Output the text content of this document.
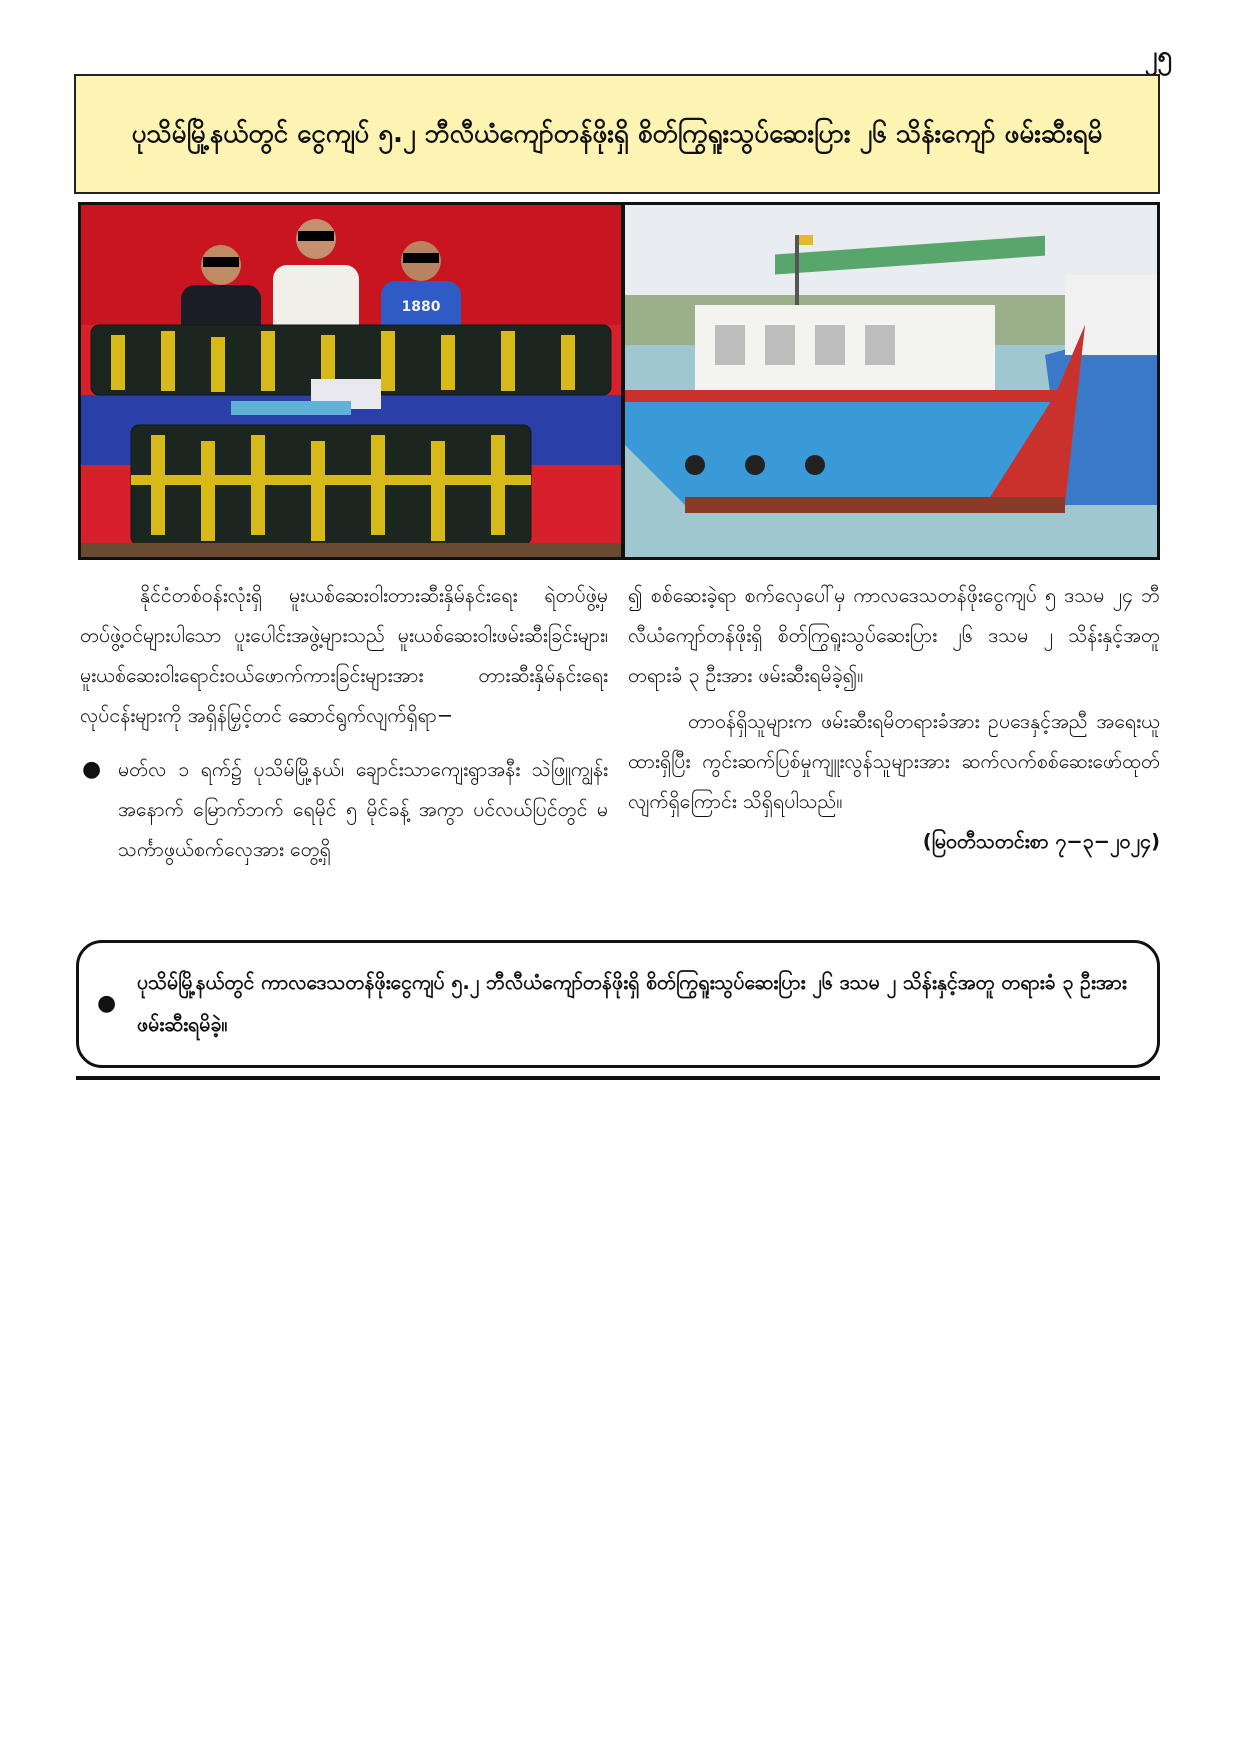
၂၅
ပုသိမ်မြို့နယ်တွင် ငွေကျပ် ၅.၂ ဘီလီယံကျော်တန်ဖိုးရှိ စိတ်ကြွရူးသွပ်ဆေးပြား ၂၆ သိန်းကျော် ဖမ်းဆီးရမိ
1880

နိုင်ငံတစ်ဝန်းလုံးရှိ မူးယစ်ဆေးဝါးတားဆီးနှိမ်နင်းရေး ရဲတပ်ဖွဲ့မှ တပ်ဖွဲ့ဝင်များပါသော ပူးပေါင်းအဖွဲ့များသည် မူးယစ်ဆေးဝါးဖမ်းဆီးခြင်းများ၊ မူးယစ်ဆေးဝါးရောင်းဝယ်ဖောက်ကားခြင်းများအား တားဆီးနှိမ်နင်းရေးလုပ်ငန်းများကို အရှိန်မြှင့်တင် ဆောင်ရွက်လျက်ရှိရာ−

● မတ်လ ၁ ရက်၌ ပုသိမ်မြို့နယ်၊ ချောင်းသာကျေးရွာအနီး သဲဖြူကျွန်းအနောက် မြောက်ဘက် ရေမိုင် ၅ မိုင်ခန့် အကွာ ပင်လယ်ပြင်တွင် မသင်္ကာဖွယ်စက်လှေအား တွေ့ရှိ

၍ စစ်ဆေးခဲ့ရာ စက်လှေပေါ်မှ ကာလဒေသတန်ဖိုးငွေကျပ် ၅ ဒသမ ၂၄ ဘီလီယံကျော်တန်ဖိုးရှိ စိတ်ကြွရူးသွပ်ဆေးပြား ၂၆ ဒသမ ၂ သိန်းနှင့်အတူ တရားခံ ၃ ဦးအား ဖမ်းဆီးရမိခဲ့၍။

တာဝန်ရှိသူများက ဖမ်းဆီးရမိတရားခံအား ဥပဒေနှင့်အညီ အရေးယူထားရှိပြီး ကွင်းဆက်ပြစ်မှုကျူးလွန်သူများအား ဆက်လက်စစ်ဆေးဖော်ထုတ်လျက်ရှိကြောင်း သိရှိရပါသည်။

(မြဝတီသတင်းစာ ၇−၃−၂၀၂၄)

●
ပုသိမ်မြို့နယ်တွင် ကာလဒေသတန်ဖိုးငွေကျပ် ၅.၂ ဘီလီယံကျော်တန်ဖိုးရှိ စိတ်ကြွရူးသွပ်ဆေးပြား ၂၆ ဒသမ ၂ သိန်းနှင့်အတူ တရားခံ ၃ ဦးအား ဖမ်းဆီးရမိခဲ့။
